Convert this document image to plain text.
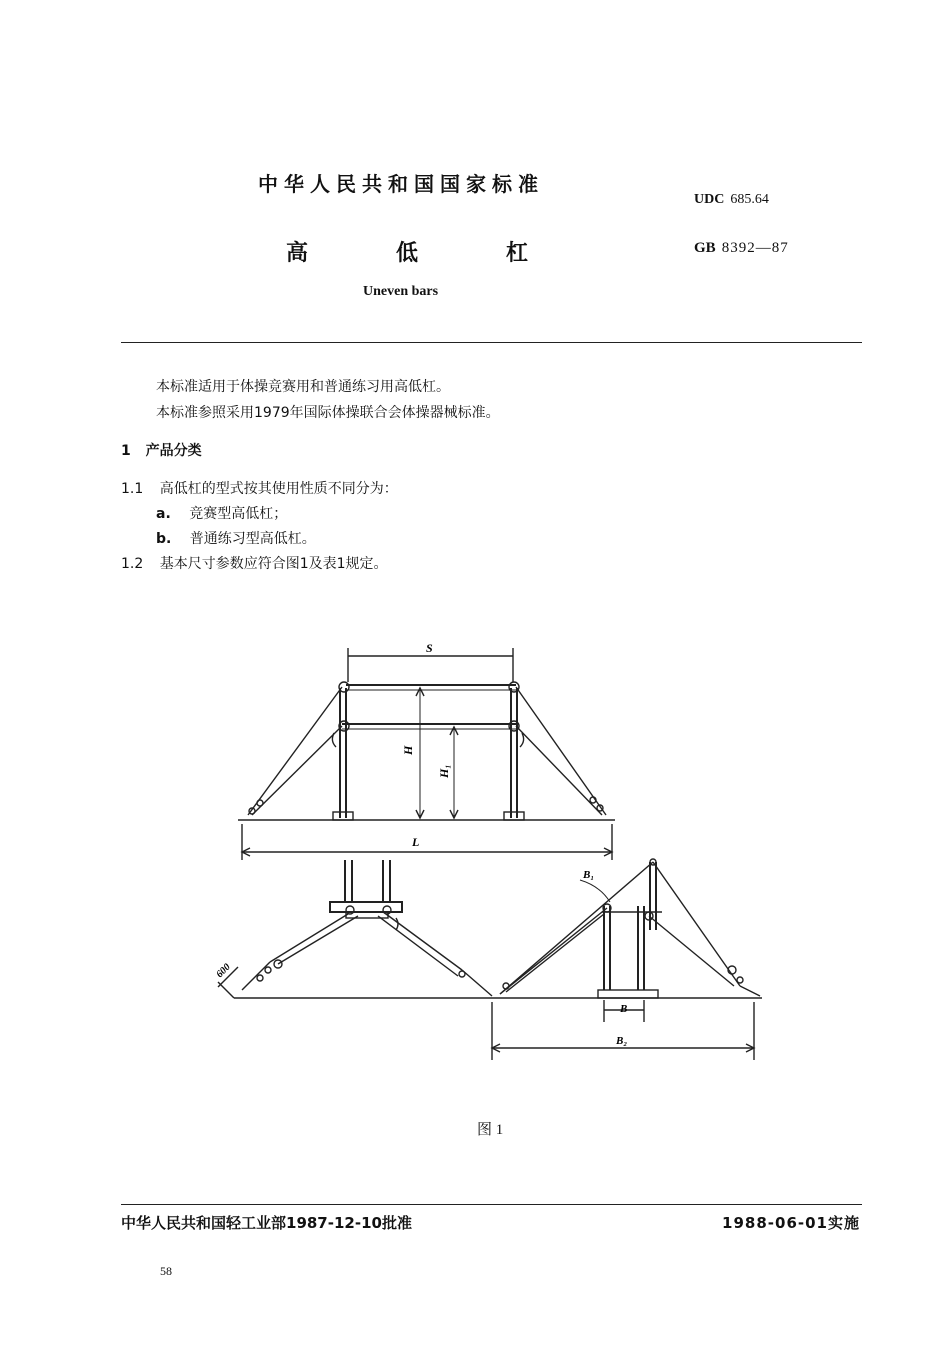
中华人民共和国国家标准
UDC 685.64
高	低	杠	GB 8392—87
Uneven bars
本标准适用于体操竞赛用和普通练习用高低杠。
本标准参照采用1979年国际体操联合会体操器械标准。
1 产品分类
1.1 高低杠的型式按其使用性质不同分为：
a. 竞赛型高低杠；
b. 普通练习型高低杠。
1.2 基本尺寸参数应符合图1及表1规定。
S
H
H₁
L
B₁
B
B₂
600
图 1
中华人民共和国轻工业部1987-12-10批准	1988-06-01实施
58
